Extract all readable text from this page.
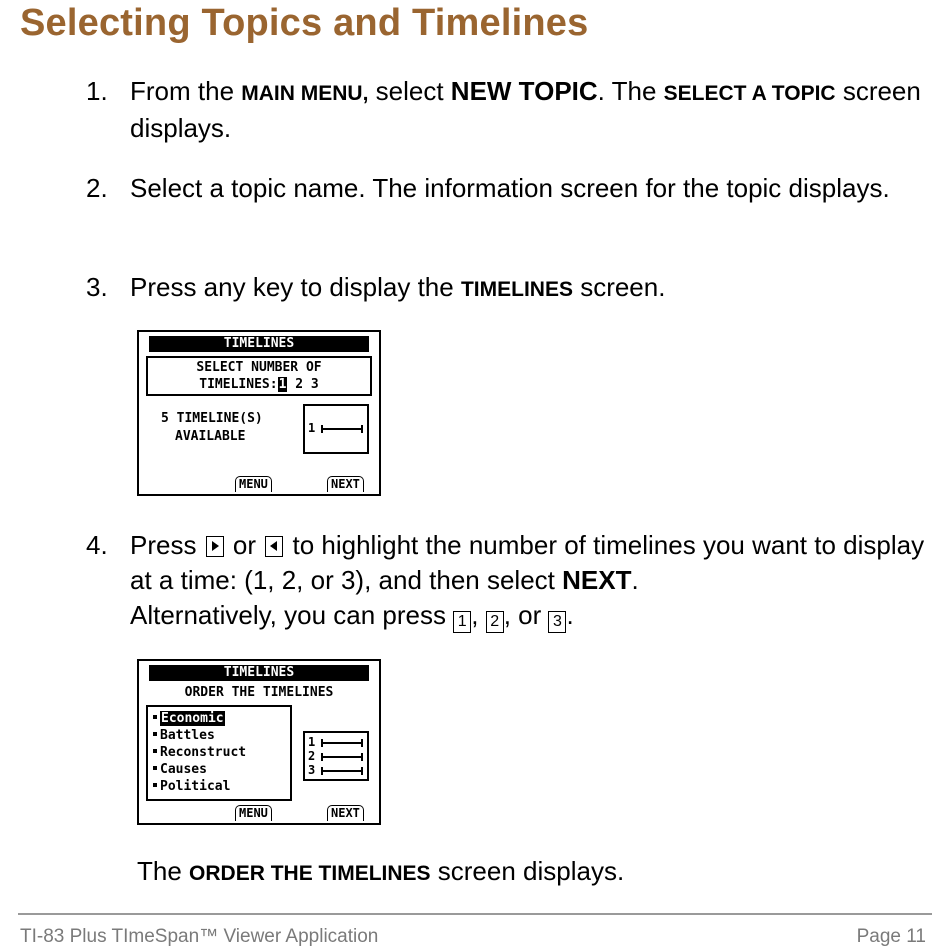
Selecting Topics and Timelines
1. From the MAIN MENU, select NEW TOPIC. The SELECT A TOPIC screen displays.
2. Select a topic name. The information screen for the topic displays.
3. Press any key to display the TIMELINES screen.
TIMELINES
SELECT NUMBER OF
TIMELINES:1 2 3
5 TIMELINE(S)
AVAILABLE
1
MENU	NEXT
4. Press  or  to highlight the number of timelines you want to display at a time: (1, 2, or 3), and then select NEXT.
Alternatively, you can press 1 , 2 , or 3 .
TIMELINES
ORDER THE TIMELINES
Economic
Battles
Reconstruct
Causes
Political
1
2
3
MENU	NEXT
The ORDER THE TIMELINES screen displays.
TI-83 Plus TImeSpan™ Viewer Application	Page 11
